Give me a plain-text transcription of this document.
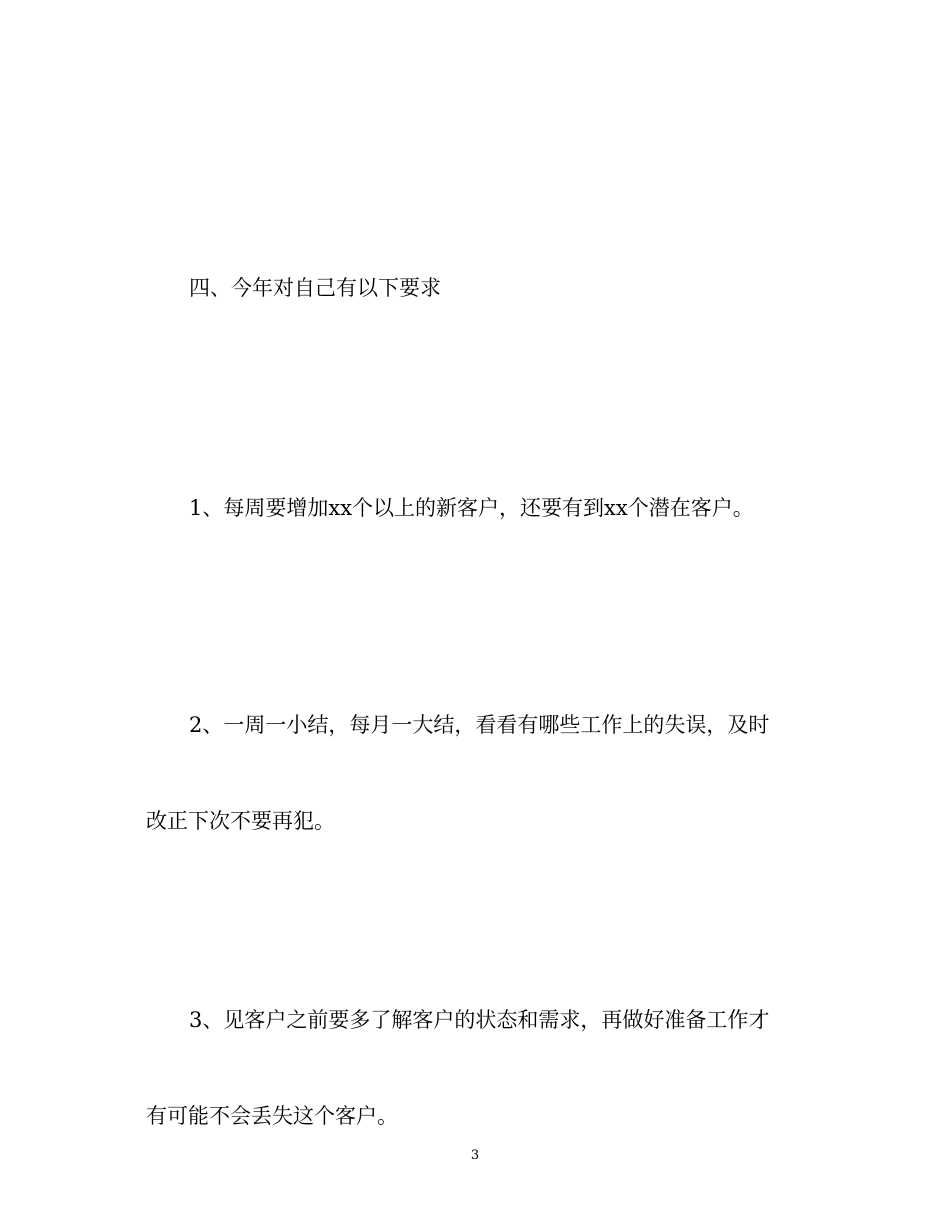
四、今年对自己有以下要求
1、每周要增加xx个以上的新客户，还要有到xx个潜在客户。
2、一周一小结，每月一大结，看看有哪些工作上的失误，及时
改正下次不要再犯。
3、见客户之前要多了解客户的状态和需求，再做好准备工作才
有可能不会丢失这个客户。
3
